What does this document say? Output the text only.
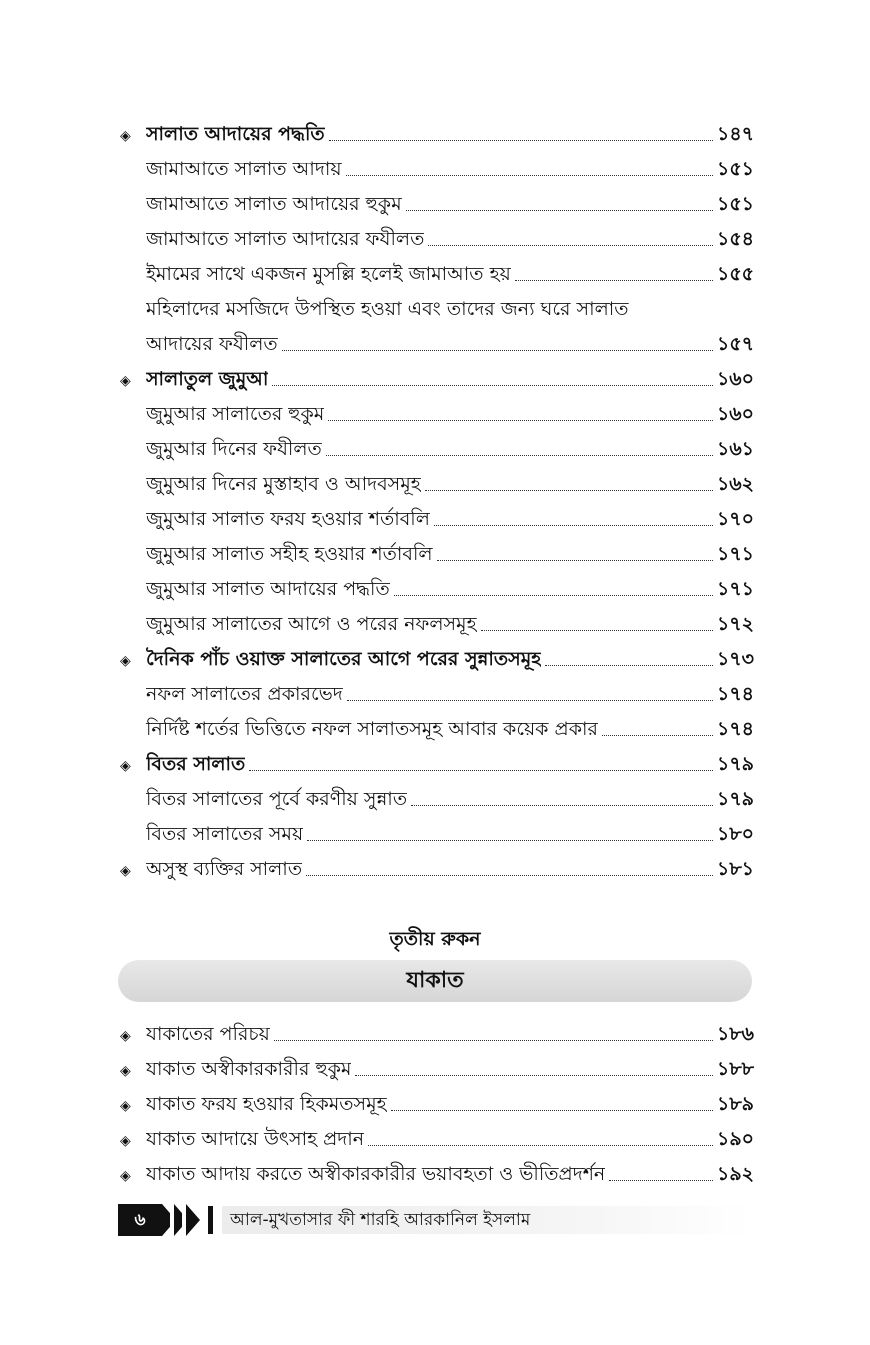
◈ সালাত আদায়ের পদ্ধতি	১৪৭
জামাআতে সালাত আদায়	১৫১
জামাআতে সালাত আদায়ের হুকুম	১৫১
জামাআতে সালাত আদায়ের ফযীলত	১৫৪
ইমামের সাথে একজন মুসল্লি হলেই জামাআত হয়	১৫৫
মহিলাদের মসজিদে উপস্থিত হওয়া এবং তাদের জন্য ঘরে সালাত
আদায়ের ফযীলত	১৫৭
◈ সালাতুল জুমুআ	১৬০
জুমুআর সালাতের হুকুম	১৬০
জুমুআর দিনের ফযীলত	১৬১
জুমুআর দিনের মুস্তাহাব ও আদবসমূহ	১৬২
জুমুআর সালাত ফরয হওয়ার শর্তাবলি	১৭০
জুমুআর সালাত সহীহ হওয়ার শর্তাবলি	১৭১
জুমুআর সালাত আদায়ের পদ্ধতি	১৭১
জুমুআর সালাতের আগে ও পরের নফলসমূহ	১৭২
◈ দৈনিক পাঁচ ওয়াক্ত সালাতের আগে পরের সুন্নাতসমূহ	১৭৩
নফল সালাতের প্রকারভেদ	১৭৪
নির্দিষ্ট শর্তের ভিত্তিতে নফল সালাতসমূহ আবার কয়েক প্রকার	১৭৪
◈ বিতর সালাত	১৭৯
বিতর সালাতের পূর্বে করণীয় সুন্নাত	১৭৯
বিতর সালাতের সময়	১৮০
◈ অসুস্থ ব্যক্তির সালাত	১৮১
তৃতীয় রুকন
যাকাত
◈ যাকাতের পরিচয়	১৮৬
◈ যাকাত অস্বীকারকারীর হুকুম	১৮৮
◈ যাকাত ফরয হওয়ার হিকমতসমূহ	১৮৯
◈ যাকাত আদায়ে উৎসাহ প্রদান	১৯০
◈ যাকাত আদায় করতে অস্বীকারকারীর ভয়াবহতা ও ভীতিপ্রদর্শন	১৯২
৬	আল-মুখতাসার ফী শারহি আরকানিল ইসলাম
